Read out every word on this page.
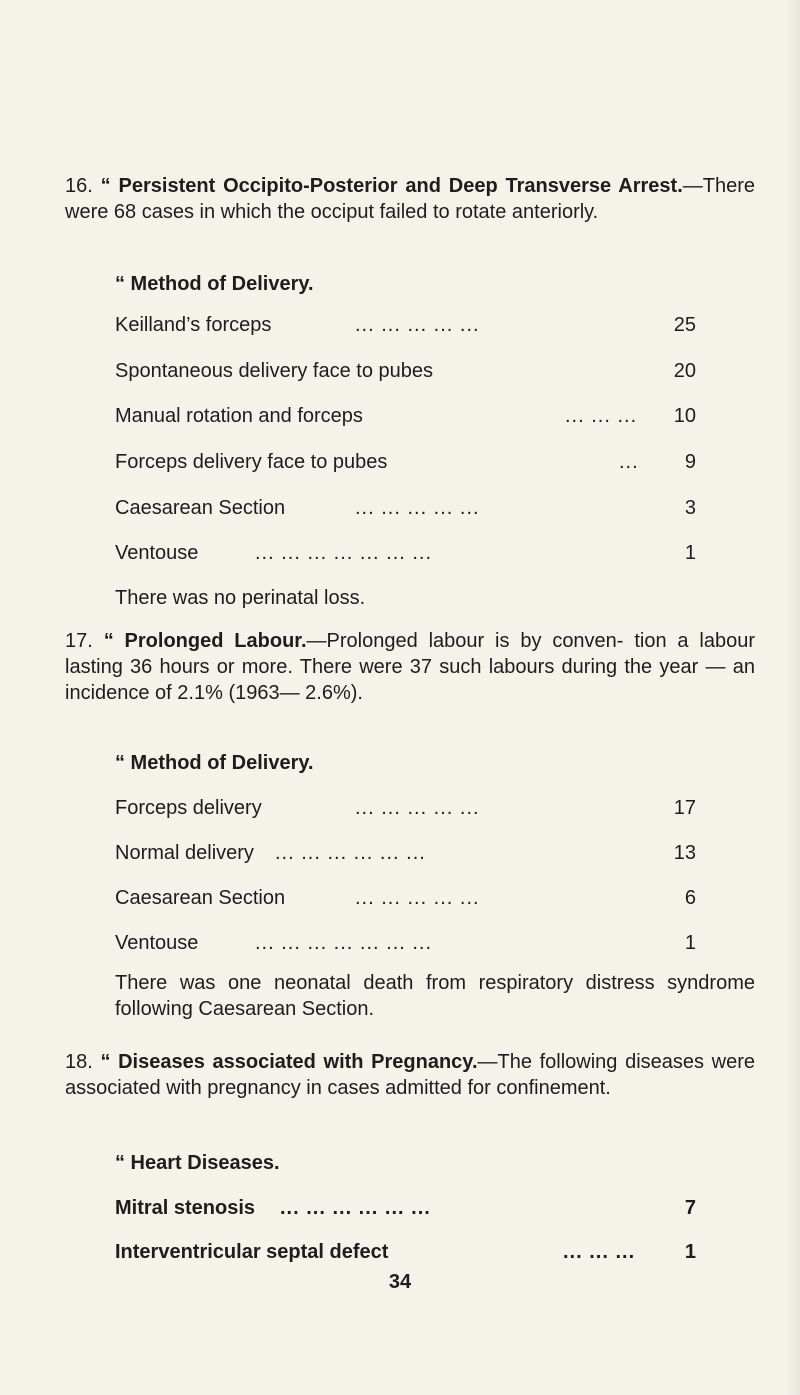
16. “ Persistent Occipito-Posterior and Deep Transverse Arrest.—There were 68 cases in which the occiput failed to rotate anteriorly.
“ Method of Delivery.
Keilland’s forceps	... ... ... ... ...	25
Spontaneous delivery face to pubes	20
Manual rotation and forceps	... ... ... 10
Forceps delivery face to pubes	... 9
Caesarean Section	... ... ... ... ...	3
Ventouse	... ... ... ... ... ... ...	1
There was no perinatal loss.
17. “ Prolonged Labour.—Prolonged labour is by conven- tion a labour lasting 36 hours or more. There were 37 such labours during the year — an incidence of 2.1% (1963— 2.6%).
“ Method of Delivery.
Forceps delivery	... ... ... ... ...	17
Normal delivery ... ... ... ... ... ...	13
Caesarean Section	... ... ... ... ...	6
Ventouse	... ... ... ... ... ... ...	1
There was one neonatal death from respiratory distress syndrome following Caesarean Section.
18. “ Diseases associated with Pregnancy.—The following diseases were associated with pregnancy in cases admitted for confinement.
“ Heart Diseases.
Mitral stenosis ... ... ... ... ... ...	7
Interventricular septal defect	... ... ... 1
34
